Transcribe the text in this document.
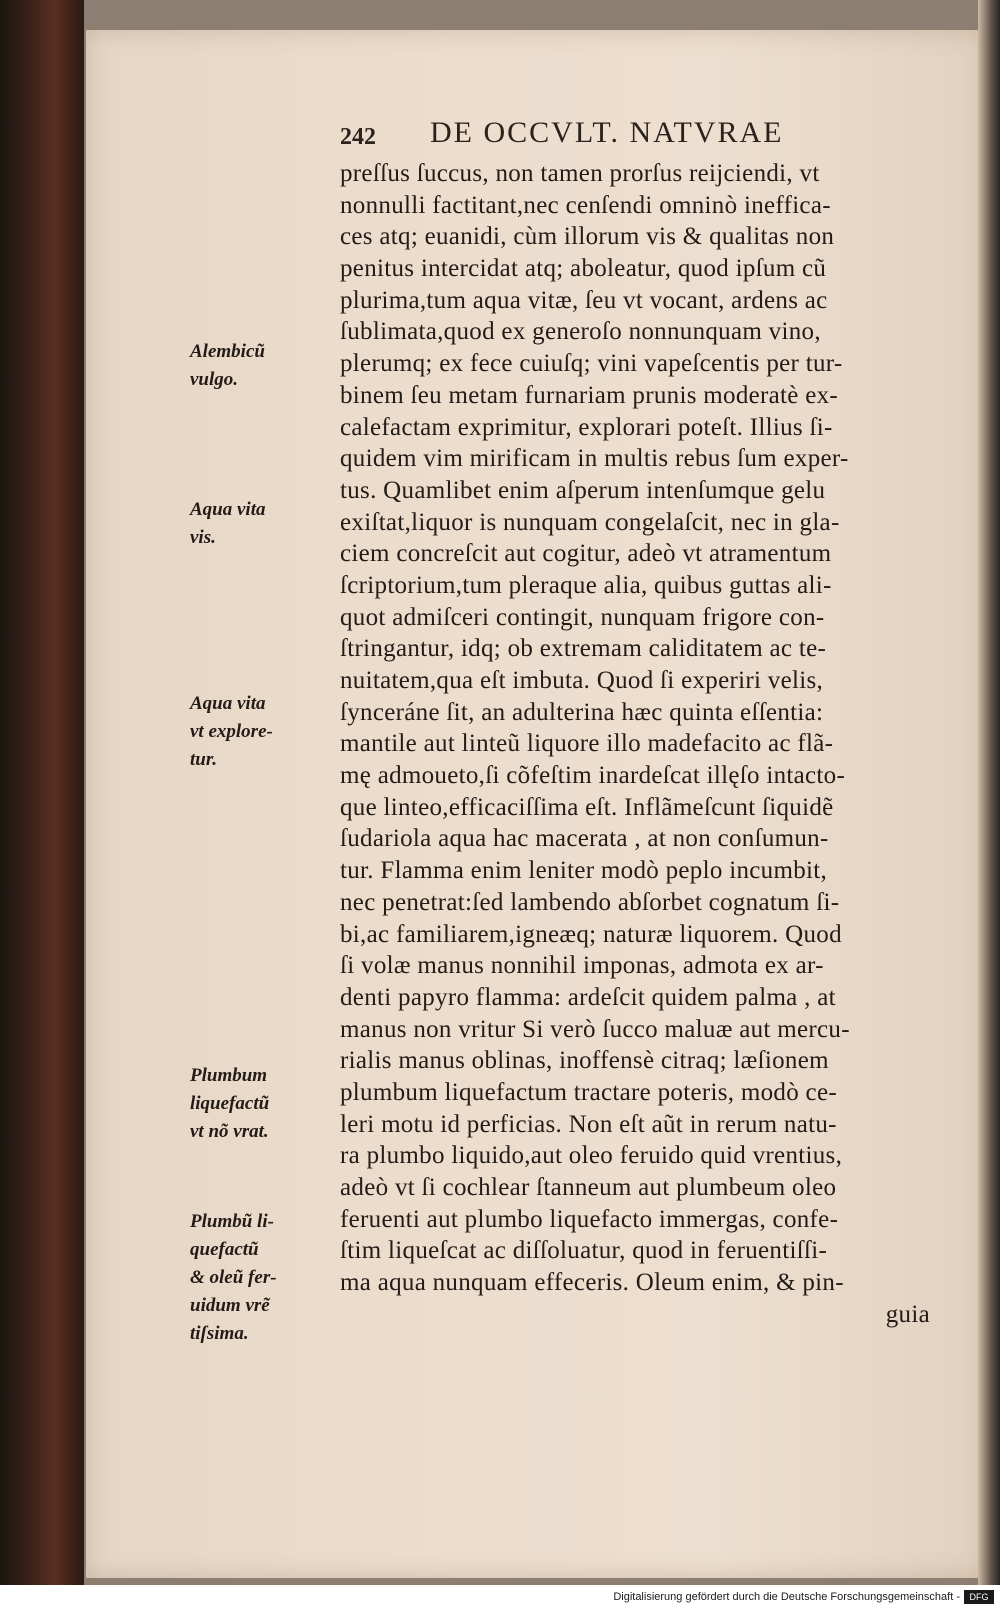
242 DE OCCVLT. NATVRAE
preſſus ſuccus, non tamen prorſus reijciendi, vt
nonnulli factitant,nec cenſendi omninò ineffica-
ces atq; euanidi, cùm illorum vis & qualitas non
penitus intercidat atq; aboleatur, quod ipſum cũ
plurima,tum aqua vitæ, ſeu vt vocant, ardens ac
ſublimata,quod ex generoſo nonnunquam vino,
plerumq; ex fece cuiuſq; vini vapeſcentis per tur-
binem ſeu metam furnariam prunis moderatè ex-
calefactam exprimitur, explorari poteſt. Illius ſi-
quidem vim mirificam in multis rebus ſum exper-
tus. Quamlibet enim aſperum intenſumque gelu
exiſtat,liquor is nunquam congelaſcit, nec in gla-
ciem concreſcit aut cogitur, adeò vt atramentum
ſcriptorium,tum pleraque alia, quibus guttas ali-
quot admiſceri contingit, nunquam frigore con-
ſtringantur, idq; ob extremam caliditatem ac te-
nuitatem,qua eſt imbuta. Quod ſi experiri velis,
ſynceráne ſit, an adulterina hæc quinta eſſentia:
mantile aut linteũ liquore illo madefacito ac flã-
mę admoueto,ſi cõfeſtim inardeſcat illęſo intacto-
que linteo,efficaciſſima eſt. Inflãmeſcunt ſiquidẽ
ſudariola aqua hac macerata , at non conſumun-
tur. Flamma enim leniter modò peplo incumbit,
nec penetrat:ſed lambendo abſorbet cognatum ſi-
bi,ac familiarem,igneæq; naturæ liquorem. Quod
ſi volæ manus nonnihil imponas, admota ex ar-
denti papyro flamma: ardeſcit quidem palma , at
manus non vritur Si verò ſucco maluæ aut mercu-
rialis manus oblinas, inoffensè citraq; læſionem
plumbum liquefactum tractare poteris, modò ce-
leri motu id perficias. Non eſt aũt in rerum natu-
ra plumbo liquido,aut oleo feruido quid vrentius,
adeò vt ſi cochlear ſtanneum aut plumbeum oleo
feruenti aut plumbo liquefacto immergas, confe-
ſtim liqueſcat ac diſſoluatur, quod in feruentiſſi-
ma aqua nunquam effeceris. Oleum enim, & pin-
guia
Alembicũ
vulgo.
Aqua vita
vis.
Aqua vita
vt explore-
tur.
Plumbum
liquefactũ
vt nõ vrat.
Plumbũ li-
quefactũ
& oleũ fer-
uidum vrẽ
tiſsima.
Digitalisierung gefördert durch die Deutsche Forschungsgemeinschaft -	DFG
